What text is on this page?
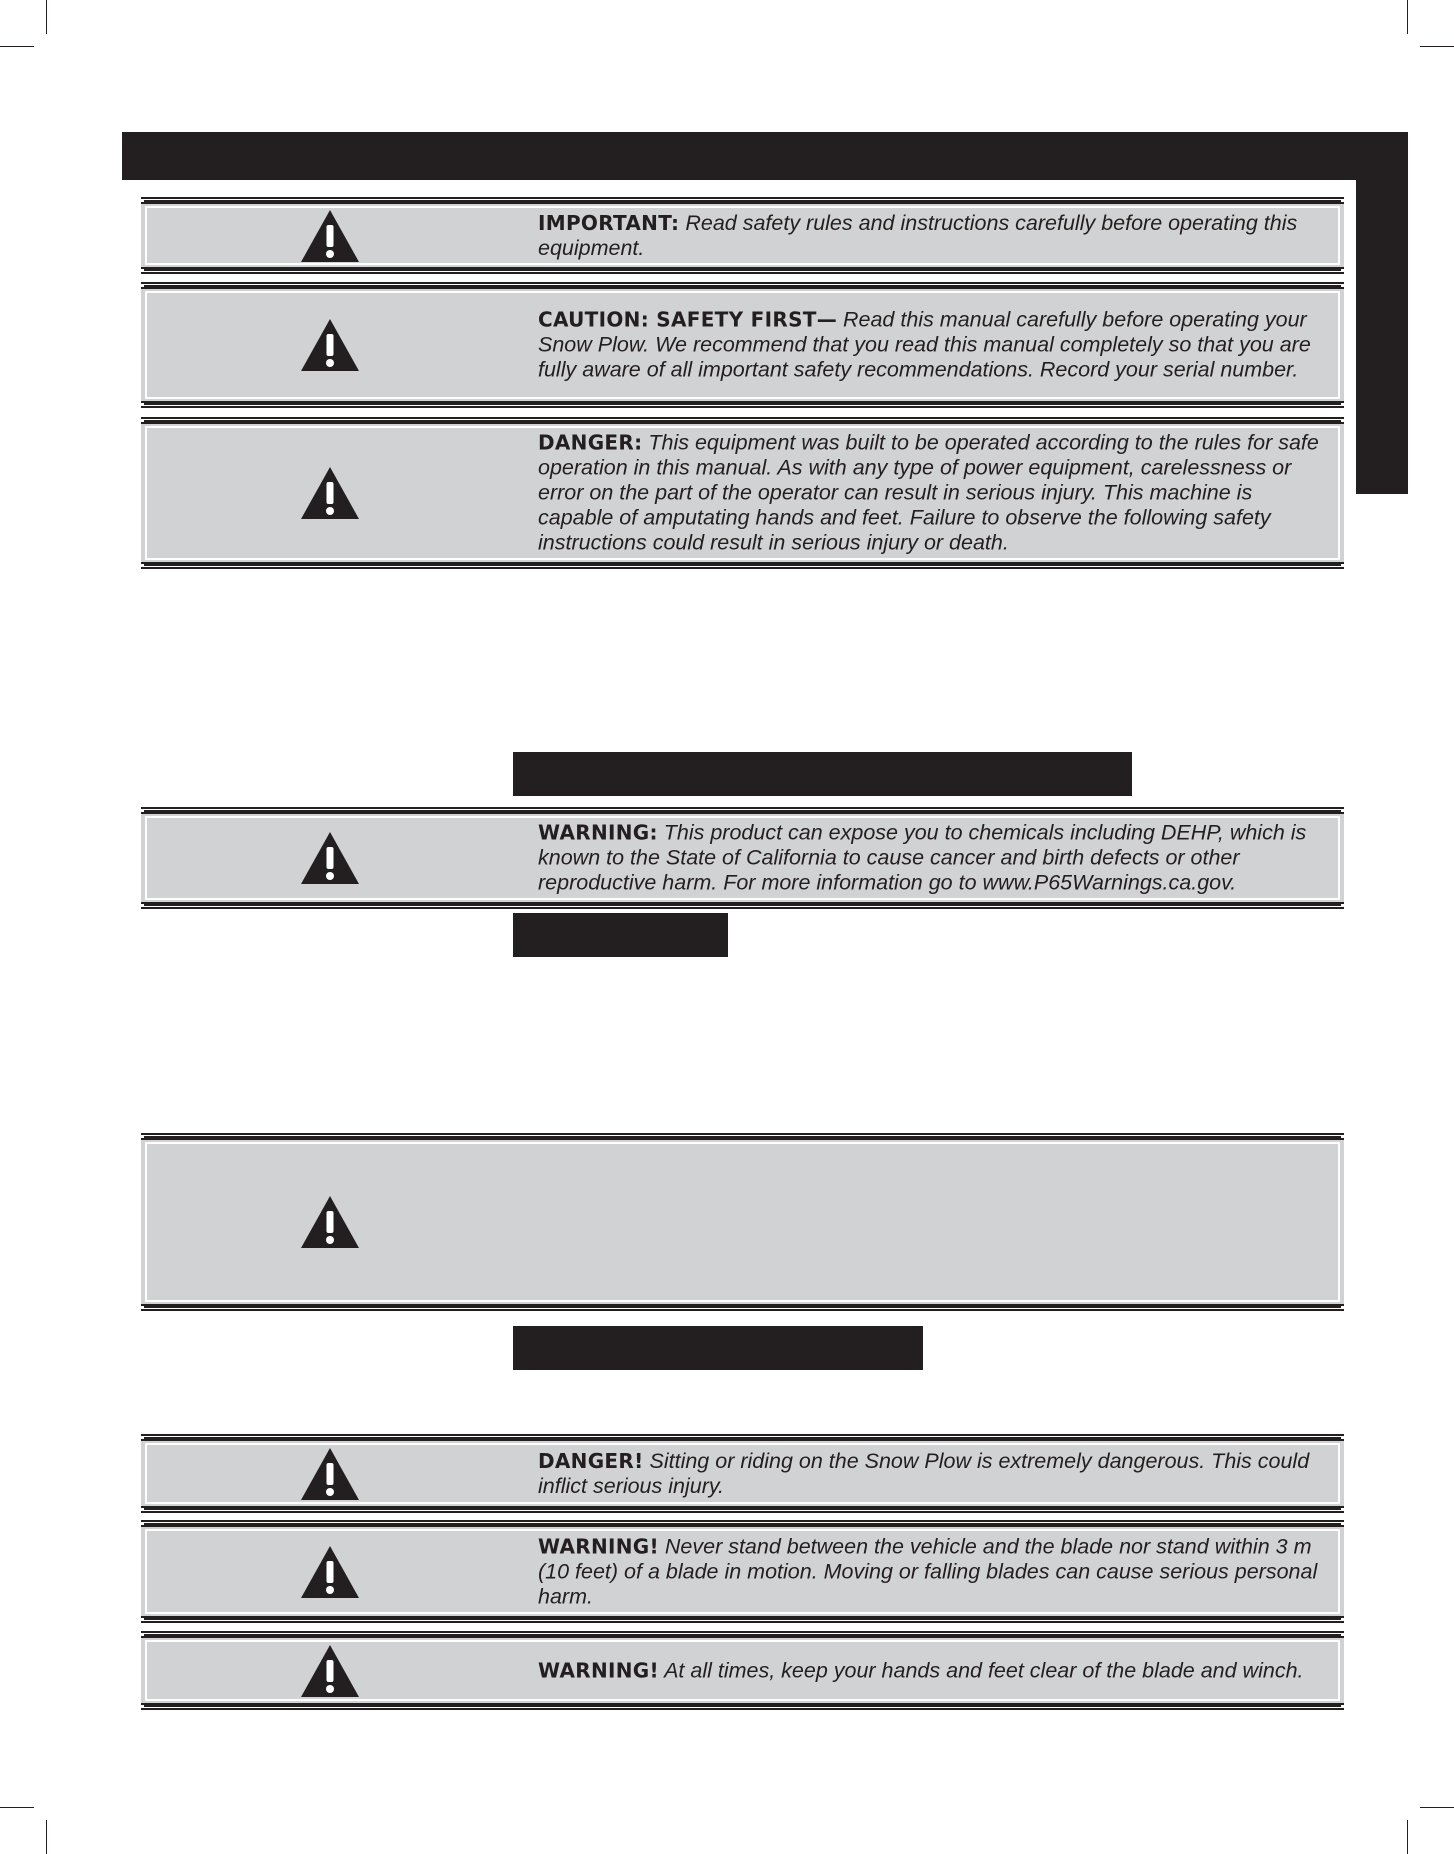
IMPORTANT: Read safety rules and instructions carefully before operating this equipment.
CAUTION: SAFETY FIRST— Read this manual carefully before operating your Snow Plow. We recommend that you read this manual completely so that you are fully aware of all important safety recommendations. Record your serial number.
DANGER: This equipment was built to be operated according to the rules for safe operation in this manual. As with any type of power equipment, carelessness or error on the part of the operator can result in serious injury. This machine is capable of amputating hands and feet. Failure to observe the following safety instructions could result in serious injury or death.
WARNING: This product can expose you to chemicals including DEHP, which is known to the State of California to cause cancer and birth defects or other reproductive harm. For more information go to www.P65Warnings.ca.gov.
DANGER! Sitting or riding on the Snow Plow is extremely dangerous. This could inflict serious injury.
WARNING! Never stand between the vehicle and the blade nor stand within 3 m (10 feet) of a blade in motion. Moving or falling blades can cause serious personal harm.
WARNING! At all times, keep your hands and feet clear of the blade and winch.
